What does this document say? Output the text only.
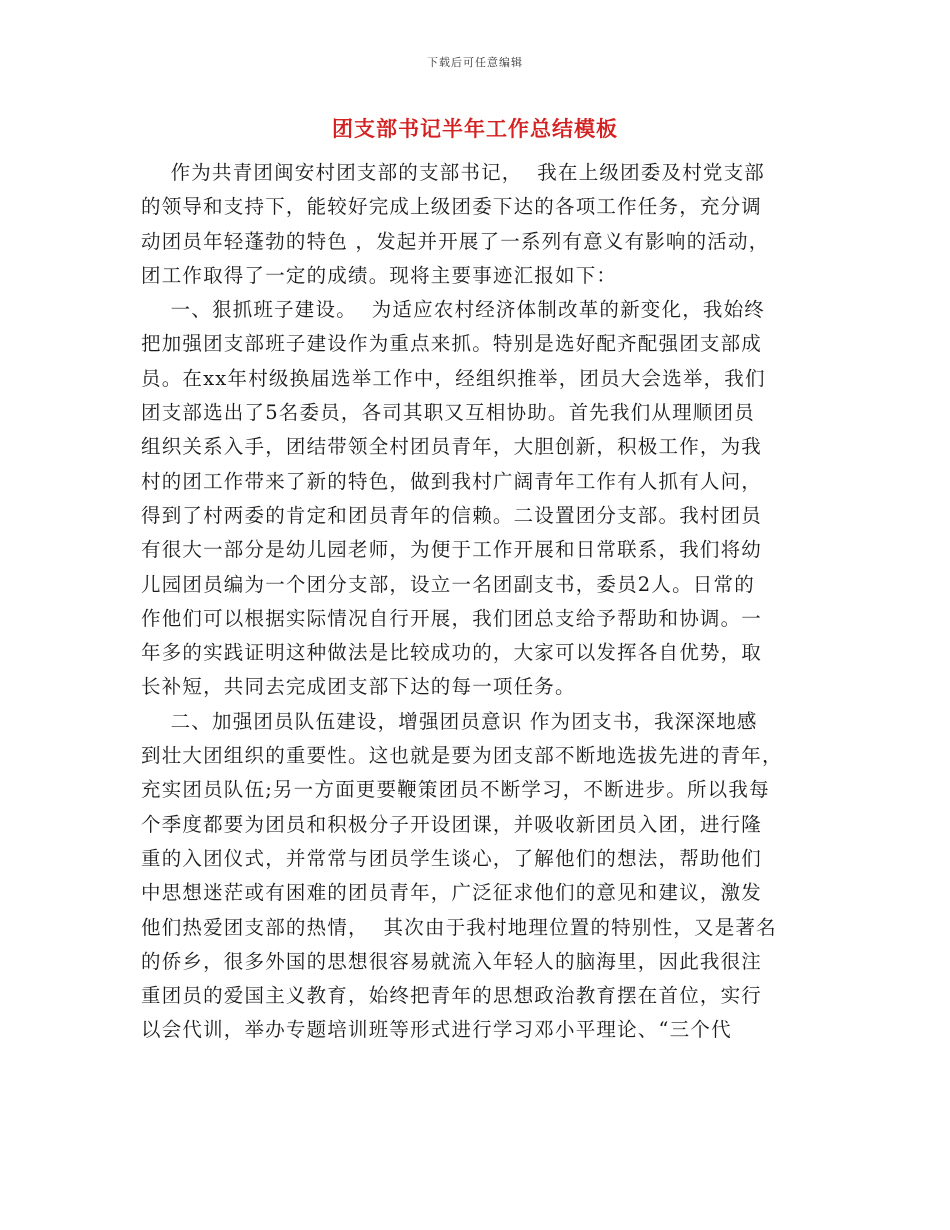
下载后可任意编辑
团支部书记半年工作总结模板
作为共青团闽安村团支部的支部书记，  我在上级团委及村党支部
的领导和支持下，能较好完成上级团委下达的各项工作任务，充分调
动团员年轻蓬勃的特色 ，发起并开展了一系列有意义有影响的活动，
团工作取得了一定的成绩。现将主要事迹汇报如下：
一、狠抓班子建设。  为适应农村经济体制改革的新变化，我始终
把加强团支部班子建设作为重点来抓。特别是选好配齐配强团支部成
员。在xx年村级换届选举工作中，经组织推举，团员大会选举，我们
团支部选出了5名委员，各司其职又互相协助。首先我们从理顺团员
组织关系入手，团结带领全村团员青年，大胆创新，积极工作，为我
村的团工作带来了新的特色，做到我村广阔青年工作有人抓有人问，
得到了村两委的肯定和团员青年的信赖。二设置团分支部。我村团员
有很大一部分是幼儿园老师，为便于工作开展和日常联系，我们将幼
儿园团员编为一个团分支部，设立一名团副支书，委员2人。日常的
作他们可以根据实际情况自行开展，我们团总支给予帮助和协调。一
年多的实践证明这种做法是比较成功的，大家可以发挥各自优势，取
长补短，共同去完成团支部下达的每一项任务。
二、加强团员队伍建设，增强团员意识 作为团支书，我深深地感
到壮大团组织的重要性。这也就是要为团支部不断地选拔先进的青年，
充实团员队伍;另一方面更要鞭策团员不断学习，不断进步。所以我每
个季度都要为团员和积极分子开设团课，并吸收新团员入团，进行隆
重的入团仪式，并常常与团员学生谈心，了解他们的想法，帮助他们
中思想迷茫或有困难的团员青年，广泛征求他们的意见和建议，激发
他们热爱团支部的热情，  其次由于我村地理位置的特别性，又是著名
的侨乡，很多外国的思想很容易就流入年轻人的脑海里，因此我很注
重团员的爱国主义教育，始终把青年的思想政治教育摆在首位，实行
以会代训，举办专题培训班等形式进行学习邓小平理论、“三个代
